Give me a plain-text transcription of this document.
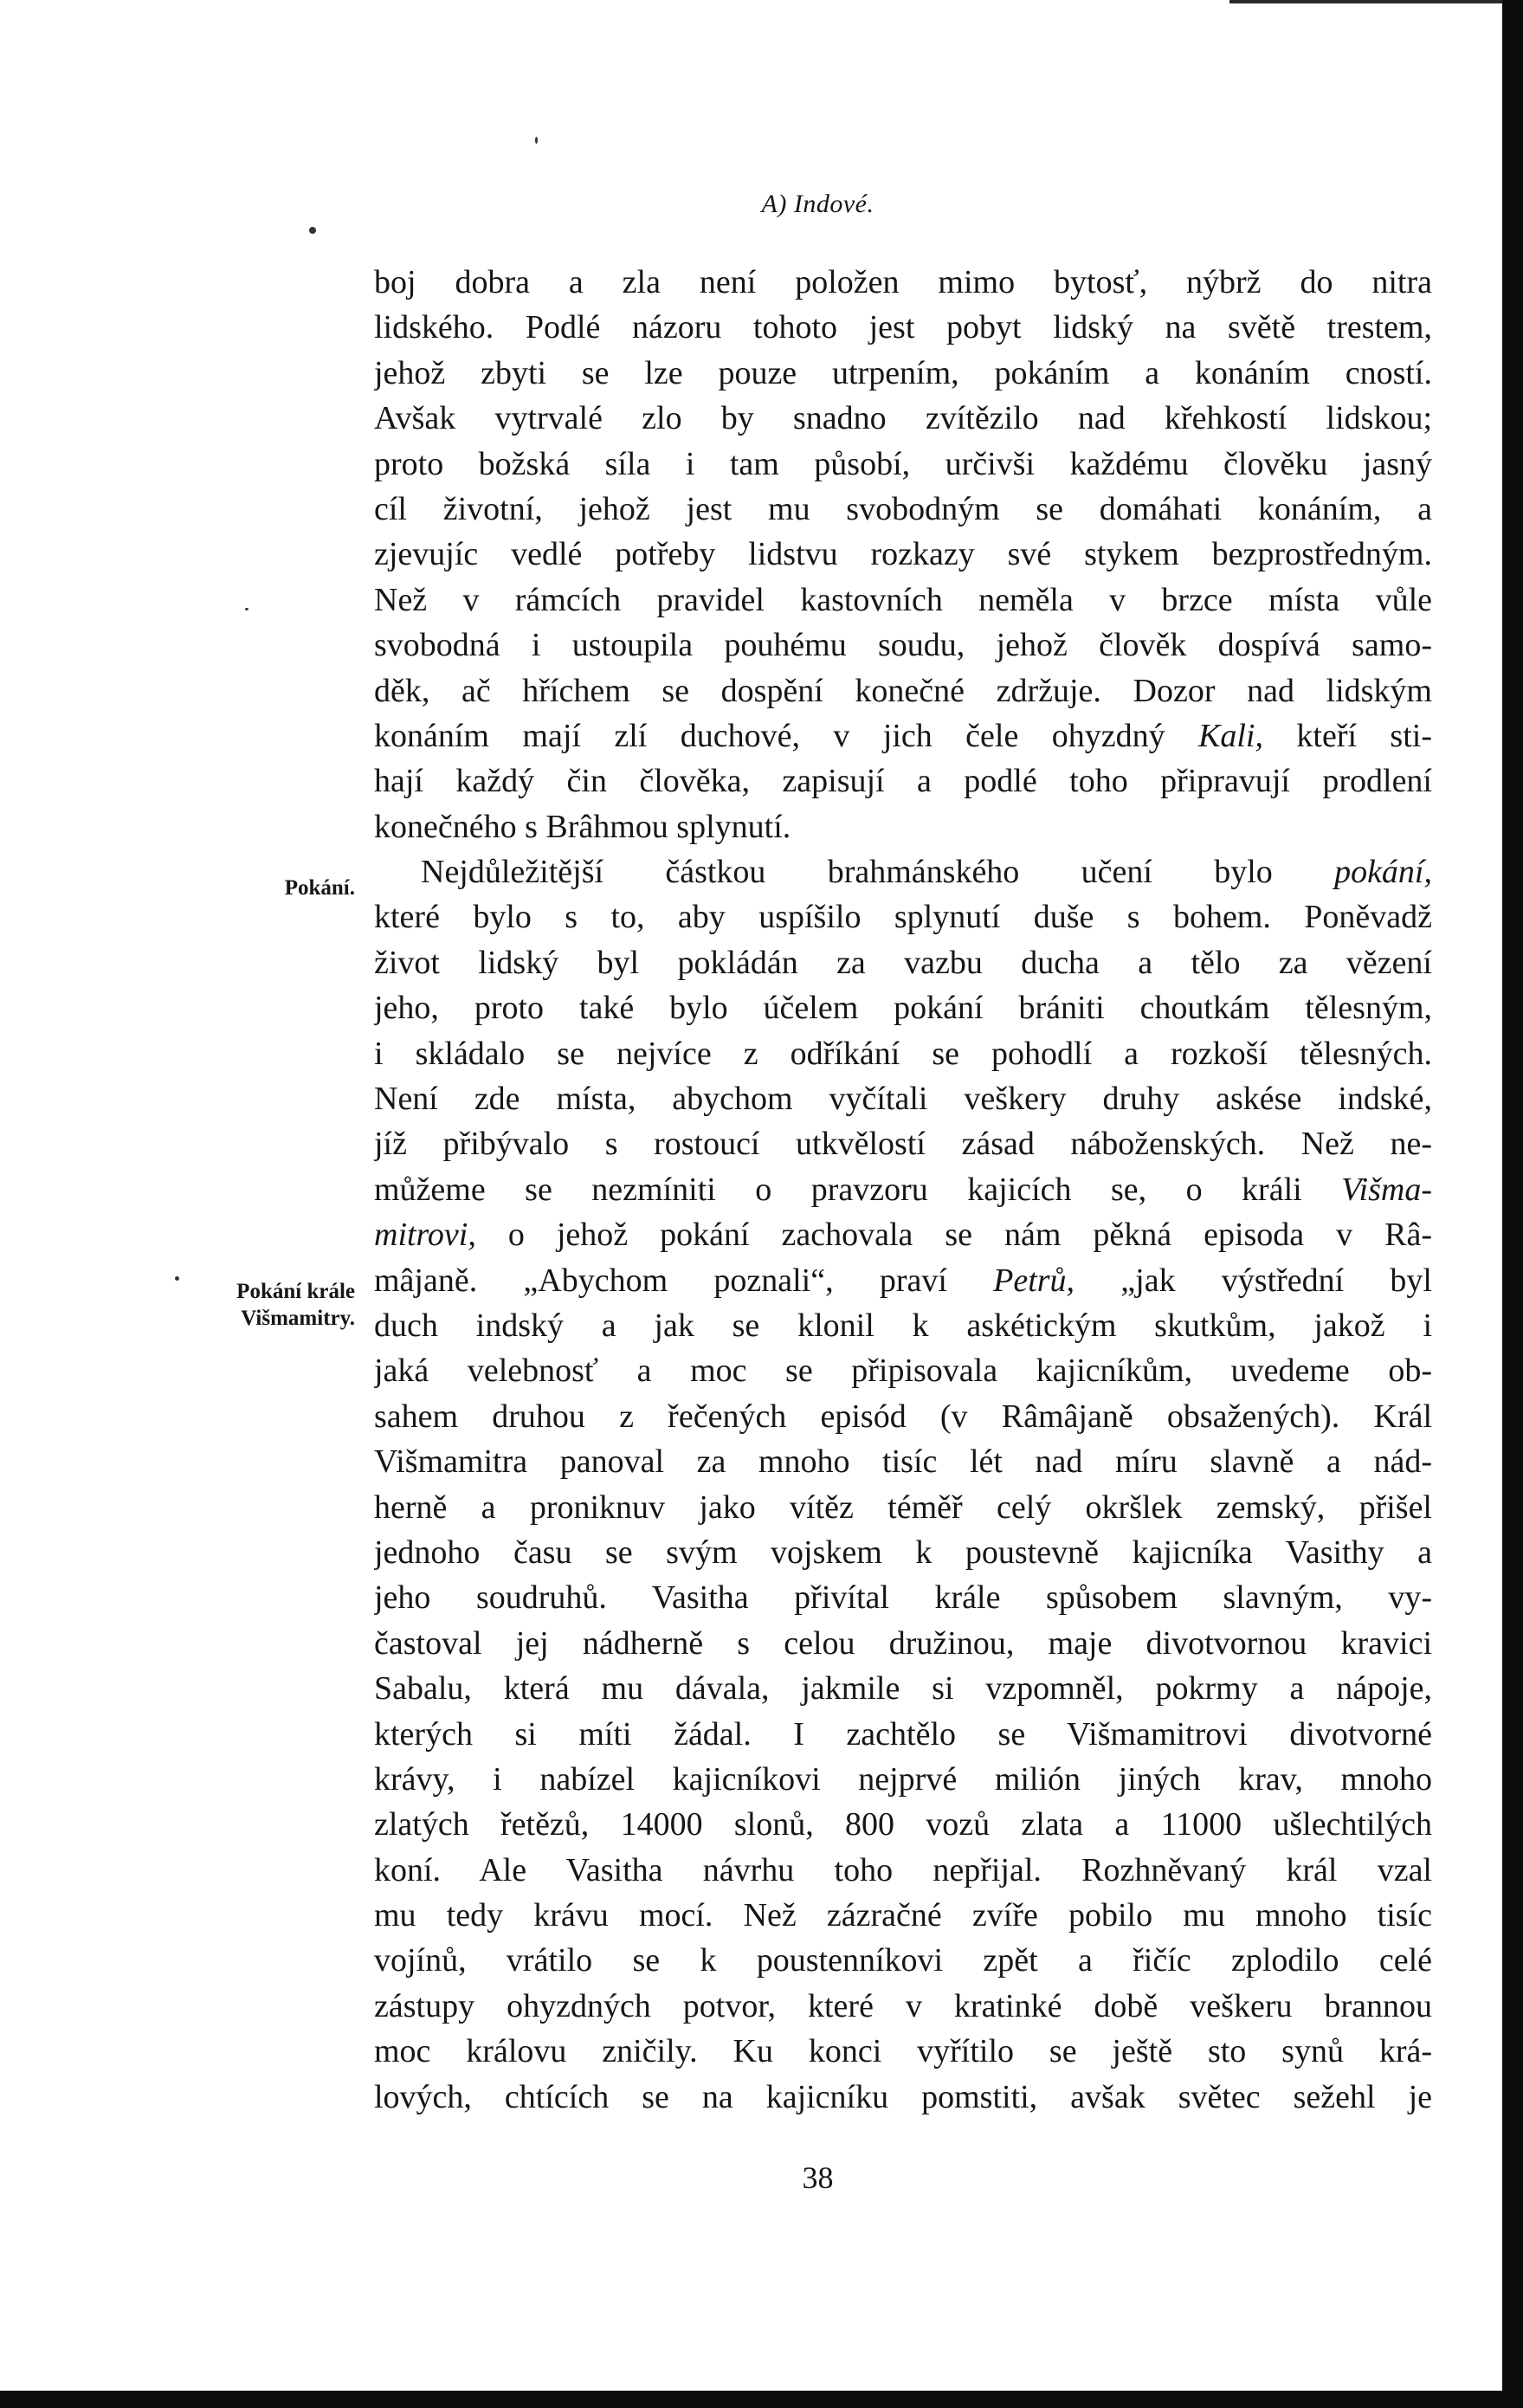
A) Indové.
Pokání.
Pokání krále Višmamitry.
boj dobra a zla není položen mimo bytosť, nýbrž do nitra
lidského. Podlé názoru tohoto jest pobyt lidský na světě trestem,
jehož zbyti se lze pouze utrpením, pokáním a konáním cností.
Avšak vytrvalé zlo by snadno zvítězilo nad křehkostí lidskou;
proto božská síla i tam působí, určivši každému člověku jasný
cíl životní, jehož jest mu svobodným se domáhati konáním, a
zjevujíc vedlé potřeby lidstvu rozkazy své stykem bezprostředným.
Než v rámcích pravidel kastovních neměla v brzce místa vůle
svobodná i ustoupila pouhému soudu, jehož člověk dospívá samo-
děk, ač hříchem se dospění konečné zdržuje. Dozor nad lidským
konáním mají zlí duchové, v jich čele ohyzdný Kali, kteří sti-
hají každý čin člověka, zapisují a podlé toho připravují prodlení
konečného s Brâhmou splynutí.
Nejdůležitější částkou brahmánského učení bylo pokání,
které bylo s to, aby uspíšilo splynutí duše s bohem. Poněvadž
život lidský byl pokládán za vazbu ducha a tělo za vězení
jeho, proto také bylo účelem pokání brániti choutkám tělesným,
i skládalo se nejvíce z odříkání se pohodlí a rozkoší tělesných.
Není zde místa, abychom vyčítali veškery druhy askése indské,
jíž přibývalo s rostoucí utkvělostí zásad náboženských. Než ne-
můžeme se nezmíniti o pravzoru kajicích se, o králi Višma-
mitrovi, o jehož pokání zachovala se nám pěkná episoda v Râ-
mâjaně. „Abychom poznali“, praví Petrů, „jak výstřední byl
duch indský a jak se klonil k askétickým skutkům, jakož i
jaká velebnosť a moc se připisovala kajicníkům, uvedeme ob-
sahem druhou z řečených episód (v Râmâjaně obsažených). Král
Višmamitra panoval za mnoho tisíc lét nad míru slavně a nád-
herně a proniknuv jako vítěz téměř celý okršlek zemský, přišel
jednoho času se svým vojskem k poustevně kajicníka Vasithy a
jeho soudruhů. Vasitha přivítal krále spůsobem slavným, vy-
častoval jej nádherně s celou družinou, maje divotvornou kravici
Sabalu, která mu dávala, jakmile si vzpomněl, pokrmy a nápoje,
kterých si míti žádal. I zachtělo se Višmamitrovi divotvorné
krávy, i nabízel kajicníkovi nejprvé milión jiných krav, mnoho
zlatých řetězů, 14000 slonů, 800 vozů zlata a 11000 ušlechtilých
koní. Ale Vasitha návrhu toho nepřijal. Rozhněvaný král vzal
mu tedy krávu mocí. Než zázračné zvíře pobilo mu mnoho tisíc
vojínů, vrátilo se k poustenníkovi zpět a řičíc zplodilo celé
zástupy ohyzdných potvor, které v kratinké době veškeru brannou
moc královu zničily. Ku konci vyřítilo se ještě sto synů krá-
lových, chtících se na kajicníku pomstiti, avšak světec sežehl je
38
